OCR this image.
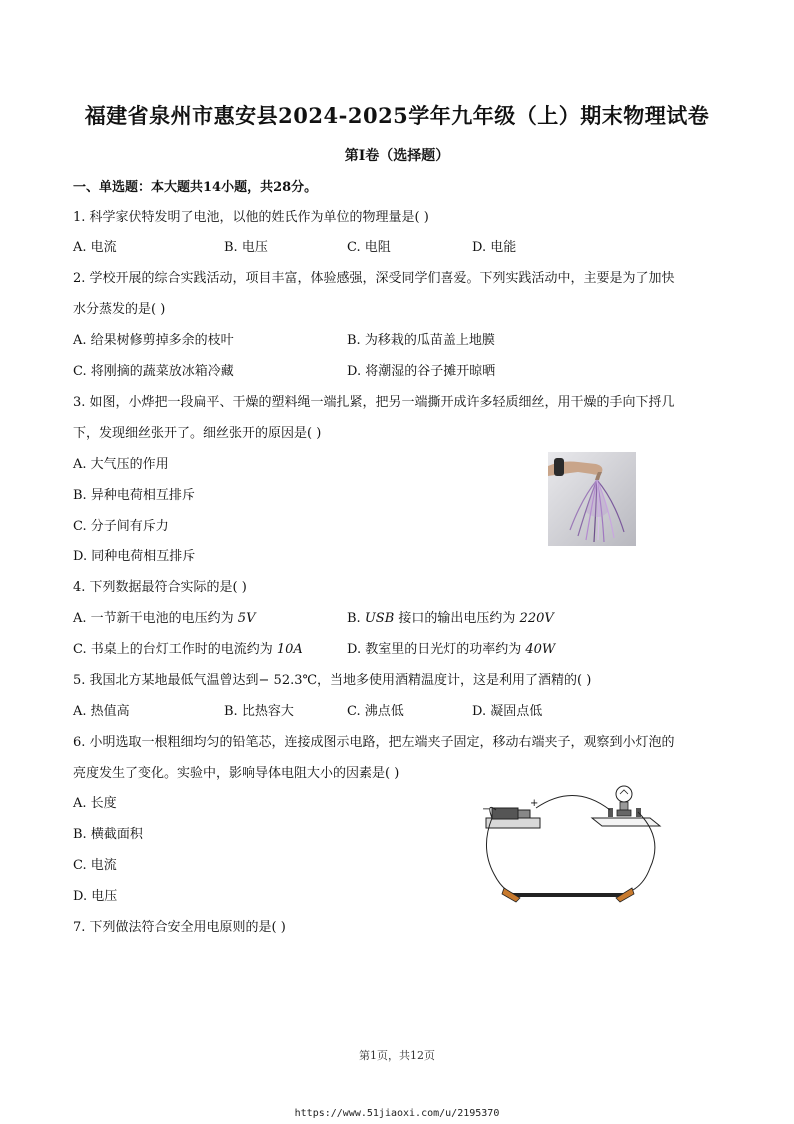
福建省泉州市惠安县2024-2025学年九年级（上）期末物理试卷
第I卷（选择题）
一、单选题：本大题共14小题，共28分。
1. 科学家伏特发明了电池，以他的姓氏作为单位的物理量是( )
A. 电流	B. 电压	C. 电阻	D. 电能
2. 学校开展的综合实践活动，项目丰富，体验感强，深受同学们喜爱。下列实践活动中，主要是为了加快
水分蒸发的是( )
A. 给果树修剪掉多余的枝叶	B. 为移栽的瓜苗盖上地膜
C. 将刚摘的蔬菜放冰箱冷藏	D. 将潮湿的谷子摊开晾晒
3. 如图，小烨把一段扁平、干燥的塑料绳一端扎紧，把另一端撕开成许多轻质细丝，用干燥的手向下捋几
下，发现细丝张开了。细丝张开的原因是( )
A. 大气压的作用
B. 异种电荷相互排斥
C. 分子间有斥力
D. 同种电荷相互排斥
4. 下列数据最符合实际的是( )
A. 一节新干电池的电压约为 5V	B. USB 接口的输出电压约为 220V
C. 书桌上的台灯工作时的电流约为 10A	D. 教室里的日光灯的功率约为 40W
5. 我国北方某地最低气温曾达到− 52.3℃，当地多使用酒精温度计，这是利用了酒精的( )
A. 热值高	B. 比热容大	C. 沸点低	D. 凝固点低
6. 小明选取一根粗细均匀的铅笔芯，连接成图示电路，把左端夹子固定，移动右端夹子，观察到小灯泡的
亮度发生了变化。实验中，影响导体电阻大小的因素是( )
A. 长度
B. 横截面积
C. 电流
D. 电压
−
+
7. 下列做法符合安全用电原则的是( )
第1页，共12页
https://www.51jiaoxi.com/u/2195370
